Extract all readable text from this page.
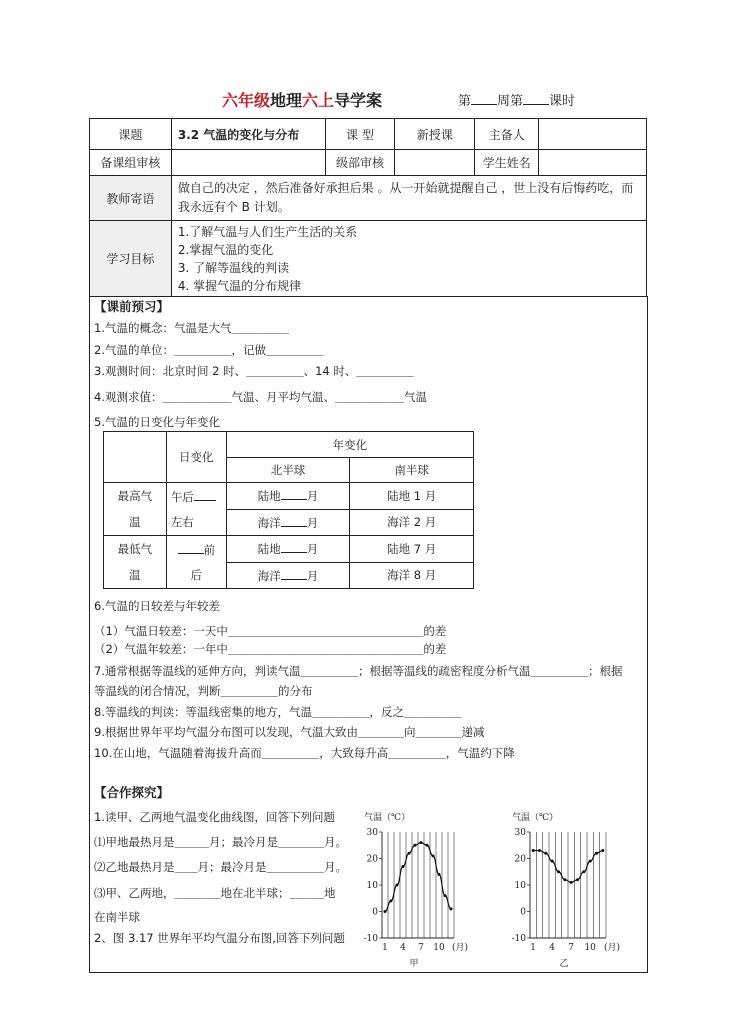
六年级地理六上导学案	第 周第 课时
课题	3.2 气温的变化与分布	课 型	新授课	主备人	
备课组审核		级部审核		学生姓名	
教师寄语	做自己的决定 ，然后准备好承担后果 。从一开始就提醒自己 ，世上没有后悔药吃，而我永远有个 B 计划。				
学习目标	1.了解气温与人们生产生活的关系
2.掌握气温的变化
3. 了解等温线的判读
4. 掌握气温的分布规律				
【课前预习】
1.气温的概念：气温是大气＿＿＿＿＿
2.气温的单位：＿＿＿＿＿，记做＿＿＿＿＿
3.观测时间：北京时间 2 时、＿＿＿＿＿、14 时、＿＿＿＿＿
4.观测求值：＿＿＿＿＿＿气温、月平均气温、＿＿＿＿＿＿气温
5.气温的日变化与年变化
	日变化	年变化	
		北半球	南半球
最高气
温	午后	陆地 月	陆地 1 月
	左右	海洋 月	海洋 2 月
最低气
温	前	陆地 月	陆地 7 月
	后	海洋 月	海洋 8 月
6.气温的日较差与年较差
（1）气温日较差：一天中＿＿＿＿＿＿＿＿＿＿＿＿＿＿＿＿＿的差
（2）气温年较差：一年中＿＿＿＿＿＿＿＿＿＿＿＿＿＿＿＿＿的差
7.通常根据等温线的延伸方向，判读气温＿＿＿＿＿；根据等温线的疏密程度分析气温＿＿＿＿＿；根据
等温线的闭合情况，判断＿＿＿＿＿的分布
8.等温线的判读：等温线密集的地方，气温＿＿＿＿＿，反之＿＿＿＿＿
9.根据世界年平均气温分布图可以发现，气温大致由＿＿＿＿向＿＿＿＿递减
10.在山地，气温随着海拔升高而＿＿＿＿＿，大致每升高＿＿＿＿＿，气温约下降
【合作探究】
1.读甲、乙两地气温变化曲线图，回答下列问题
⑴甲地最热月是＿＿＿月；最冷月是＿＿＿＿月。
⑵乙地最热月是＿＿月；最冷月是＿＿＿＿＿月。
⑶甲、乙两地，＿＿＿＿地在北半球；＿＿＿地
在南半球
2、图 3.17 世界年平均气温分布图,回答下列问题
气温（℃）
30
20
10
0
-10
1 4 7 10 (月)
甲
气温（℃）
30
20
10
0
-10
1 4 7 10 (月)
乙
